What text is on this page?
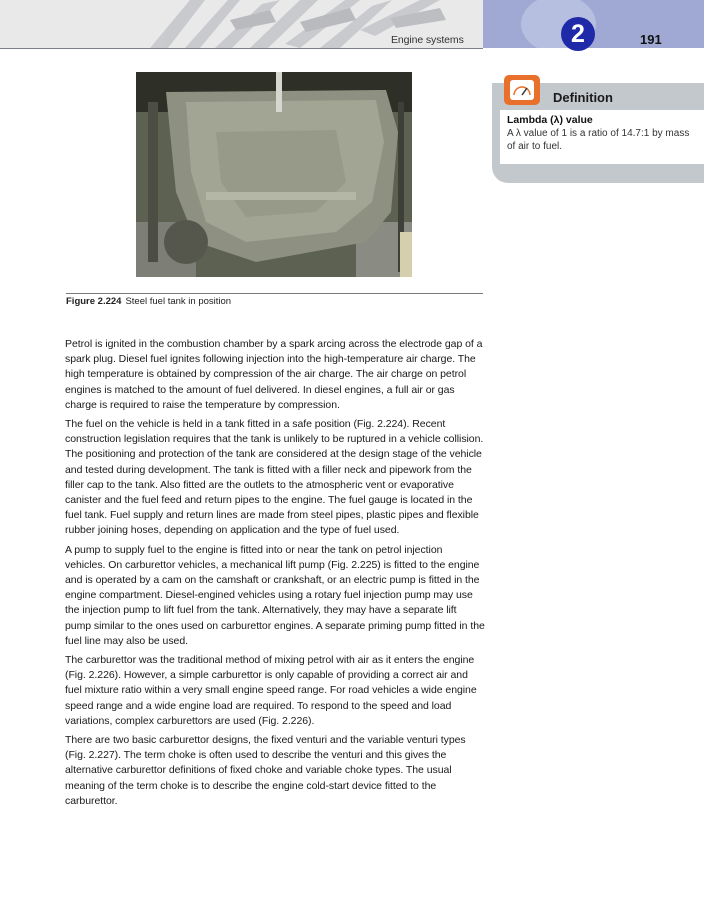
Engine systems	2	191
Figure 2.224 Steel fuel tank in position
Definition
Lambda (λ) value
A λ value of 1 is a ratio of 14.7:1 by mass of air to fuel.

Petrol is ignited in the combustion chamber by a spark arcing across the electrode gap of a spark plug. Diesel fuel ignites following injection into the high-temperature air charge. The high temperature is obtained by compression of the air charge. The air charge on petrol engines is matched to the amount of fuel delivered. In diesel engines, a full air or gas charge is required to raise the temperature by compression.

The fuel on the vehicle is held in a tank fitted in a safe position (Fig. 2.224). Recent construction legislation requires that the tank is unlikely to be ruptured in a vehicle collision. The positioning and protection of the tank are considered at the design stage of the vehicle and tested during development. The tank is fitted with a filler neck and pipework from the filler cap to the tank. Also fitted are the outlets to the atmospheric vent or evaporative canister and the fuel feed and return pipes to the engine. The fuel gauge is located in the fuel tank. Fuel supply and return lines are made from steel pipes, plastic pipes and flexible rubber joining hoses, depending on application and the type of fuel used.

A pump to supply fuel to the engine is fitted into or near the tank on petrol injection vehicles. On carburettor vehicles, a mechanical lift pump (Fig. 2.225) is fitted to the engine and is operated by a cam on the camshaft or crankshaft, or an electric pump is fitted in the engine compartment. Diesel-engined vehicles using a rotary fuel injection pump may use the injection pump to lift fuel from the tank. Alternatively, they may have a separate lift pump similar to the ones used on carburettor engines. A separate priming pump fitted in the fuel line may also be used.

The carburettor was the traditional method of mixing petrol with air as it enters the engine (Fig. 2.226). However, a simple carburettor is only capable of providing a correct air and fuel mixture ratio within a very small engine speed range. For road vehicles a wide engine speed range and a wide engine load are required. To respond to the speed and load variations, complex carburettors are used (Fig. 2.226).

There are two basic carburettor designs, the fixed venturi and the variable venturi types (Fig. 2.227). The term choke is often used to describe the venturi and this gives the alternative carburettor definitions of fixed choke and variable choke types. The usual meaning of the term choke is to describe the engine cold-start device fitted to the carburettor.
